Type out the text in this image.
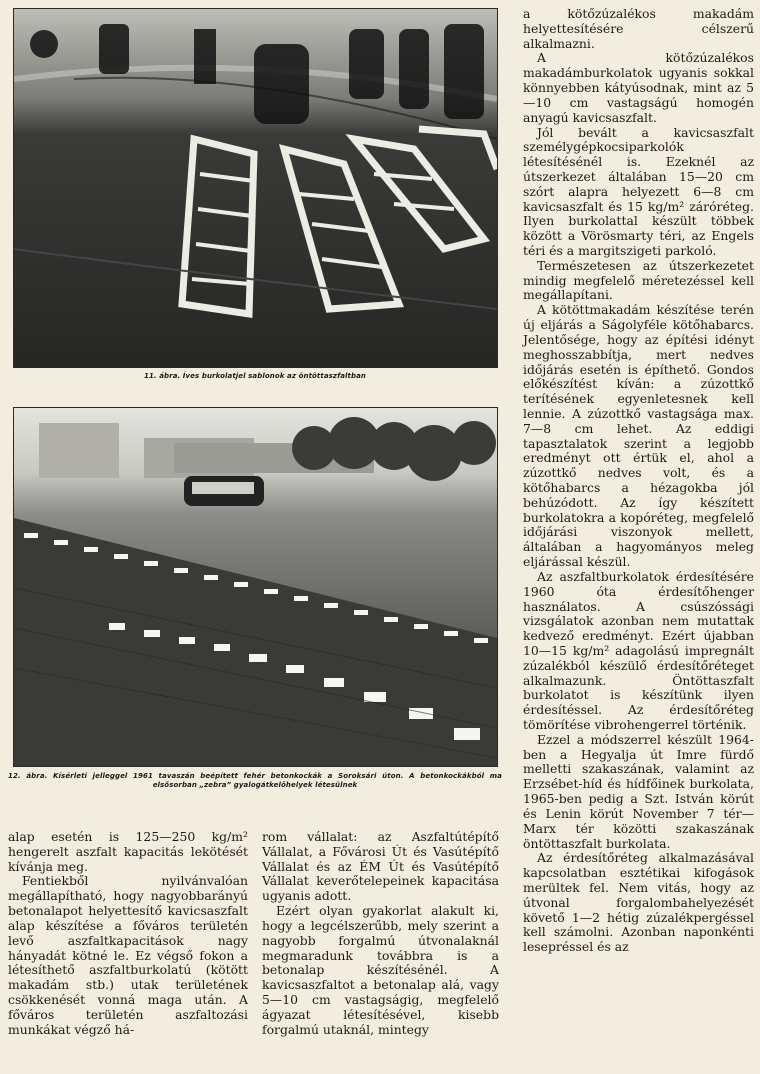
11. ábra. Íves burkolatjel sablonok az öntöttaszfaltban
12. ábra. Kísérleti jelleggel 1961 tavaszán beépített fehér betonkockák a Soroksári úton. A betonkockákból ma elsősorban „zebra” gyalogátkelőhelyek létesülnek

a kötőzúzalékos makadám helyettesítésére célszerű alkalmazni.

A kötőzúzalékos makadámburkolatok ugyanis sokkal könnyebben kátyúsodnak, mint az 5—10 cm vastagságú homogén anyagú kavicsaszfalt.

Jól bevált a kavicsaszfalt személygépkocsiparkolók létesítésénél is. Ezeknél az útszerkezet általában 15—20 cm szórt alapra helyezett 6—8 cm kavicsaszfalt és 15 kg/m² záróréteg. Ilyen burkolattal készült többek között a Vörösmarty téri, az Engels téri és a margitszigeti parkoló.

Természetesen az útszerkezetet mindig megfelelő méretezéssel kell megállapítani.

A kötöttmakadám készítése terén új eljárás a Ságolyféle kötőhabarcs. Jelentősége, hogy az építési idényt meghosszabbítja, mert nedves időjárás esetén is építhető. Gondos előkészítést kíván: a zúzottkő terítésének egyenletesnek kell lennie. A zúzottkő vastagsága max. 7—8 cm lehet. Az eddigi tapasztalatok szerint a legjobb eredményt ott értük el, ahol a zúzottkő nedves volt, és a kötőhabarcs a hézagokba jól behúzódott. Az így készített burkolatokra a kopóréteg, megfelelő időjárási viszonyok mellett, általában a hagyományos meleg eljárással készül.

Az aszfaltburkolatok érdesítésére 1960 óta érdesítőhenger használatos. A csúszóssági vizsgálatok azonban nem mutattak kedvező eredményt. Ezért újabban 10—15 kg/m² adagolású impregnált zúzalékból készülő érdesítőréteget alkalmazunk. Öntöttaszfalt burkolatot is készítünk ilyen érdesítéssel. Az érdesítőréteg tömörítése vibrohengerrel történik.

Ezzel a módszerrel készült 1964-ben a Hegyalja út Imre fürdő melletti szakaszának, valamint az Erzsébet-híd és hídfőinek burkolata, 1965-ben pedig a Szt. István körút és Lenin körút November 7 tér—Marx tér közötti szakaszának öntöttaszfalt burkolata.

Az érdesítőréteg alkalmazásával kapcsolatban esztétikai kifogások merültek fel. Nem vitás, hogy az útvonal forgalombahelyezését követő 1—2 hétig zúzalékpergéssel kell számolni. Azonban naponkénti lesepréssel és az

alap esetén is 125—250 kg/m² hengerelt aszfalt kapacitás lekötését kívánja meg.

Fentiekből nyilvánvalóan megállapítható, hogy nagyobbarányú betonalapot helyettesítő kavicsaszfalt alap készítése a főváros területén levő aszfaltkapacitások nagy hányadát kötné le. Ez végső fokon a létesíthető aszfaltburkolatú (kötött makadám stb.) utak területének csökkenését vonná maga után. A főváros területén aszfaltozási munkákat végző há-

rom vállalat: az Aszfaltútépítő Vállalat, a Fővárosi Út és Vasútépítő Vállalat és az ÉM Út és Vasútépítő Vállalat keverőtelepeinek kapacitása ugyanis adott.

Ezért olyan gyakorlat alakult ki, hogy a legcélszerűbb, mely szerint a nagyobb forgalmú útvonalaknál megmaradunk továbbra is a betonalap készítésénél. A kavicsaszfaltot a betonalap alá, vagy 5—10 cm vastagságig, megfelelő ágyazat létesítésével, kisebb forgalmú utaknál, mintegy
